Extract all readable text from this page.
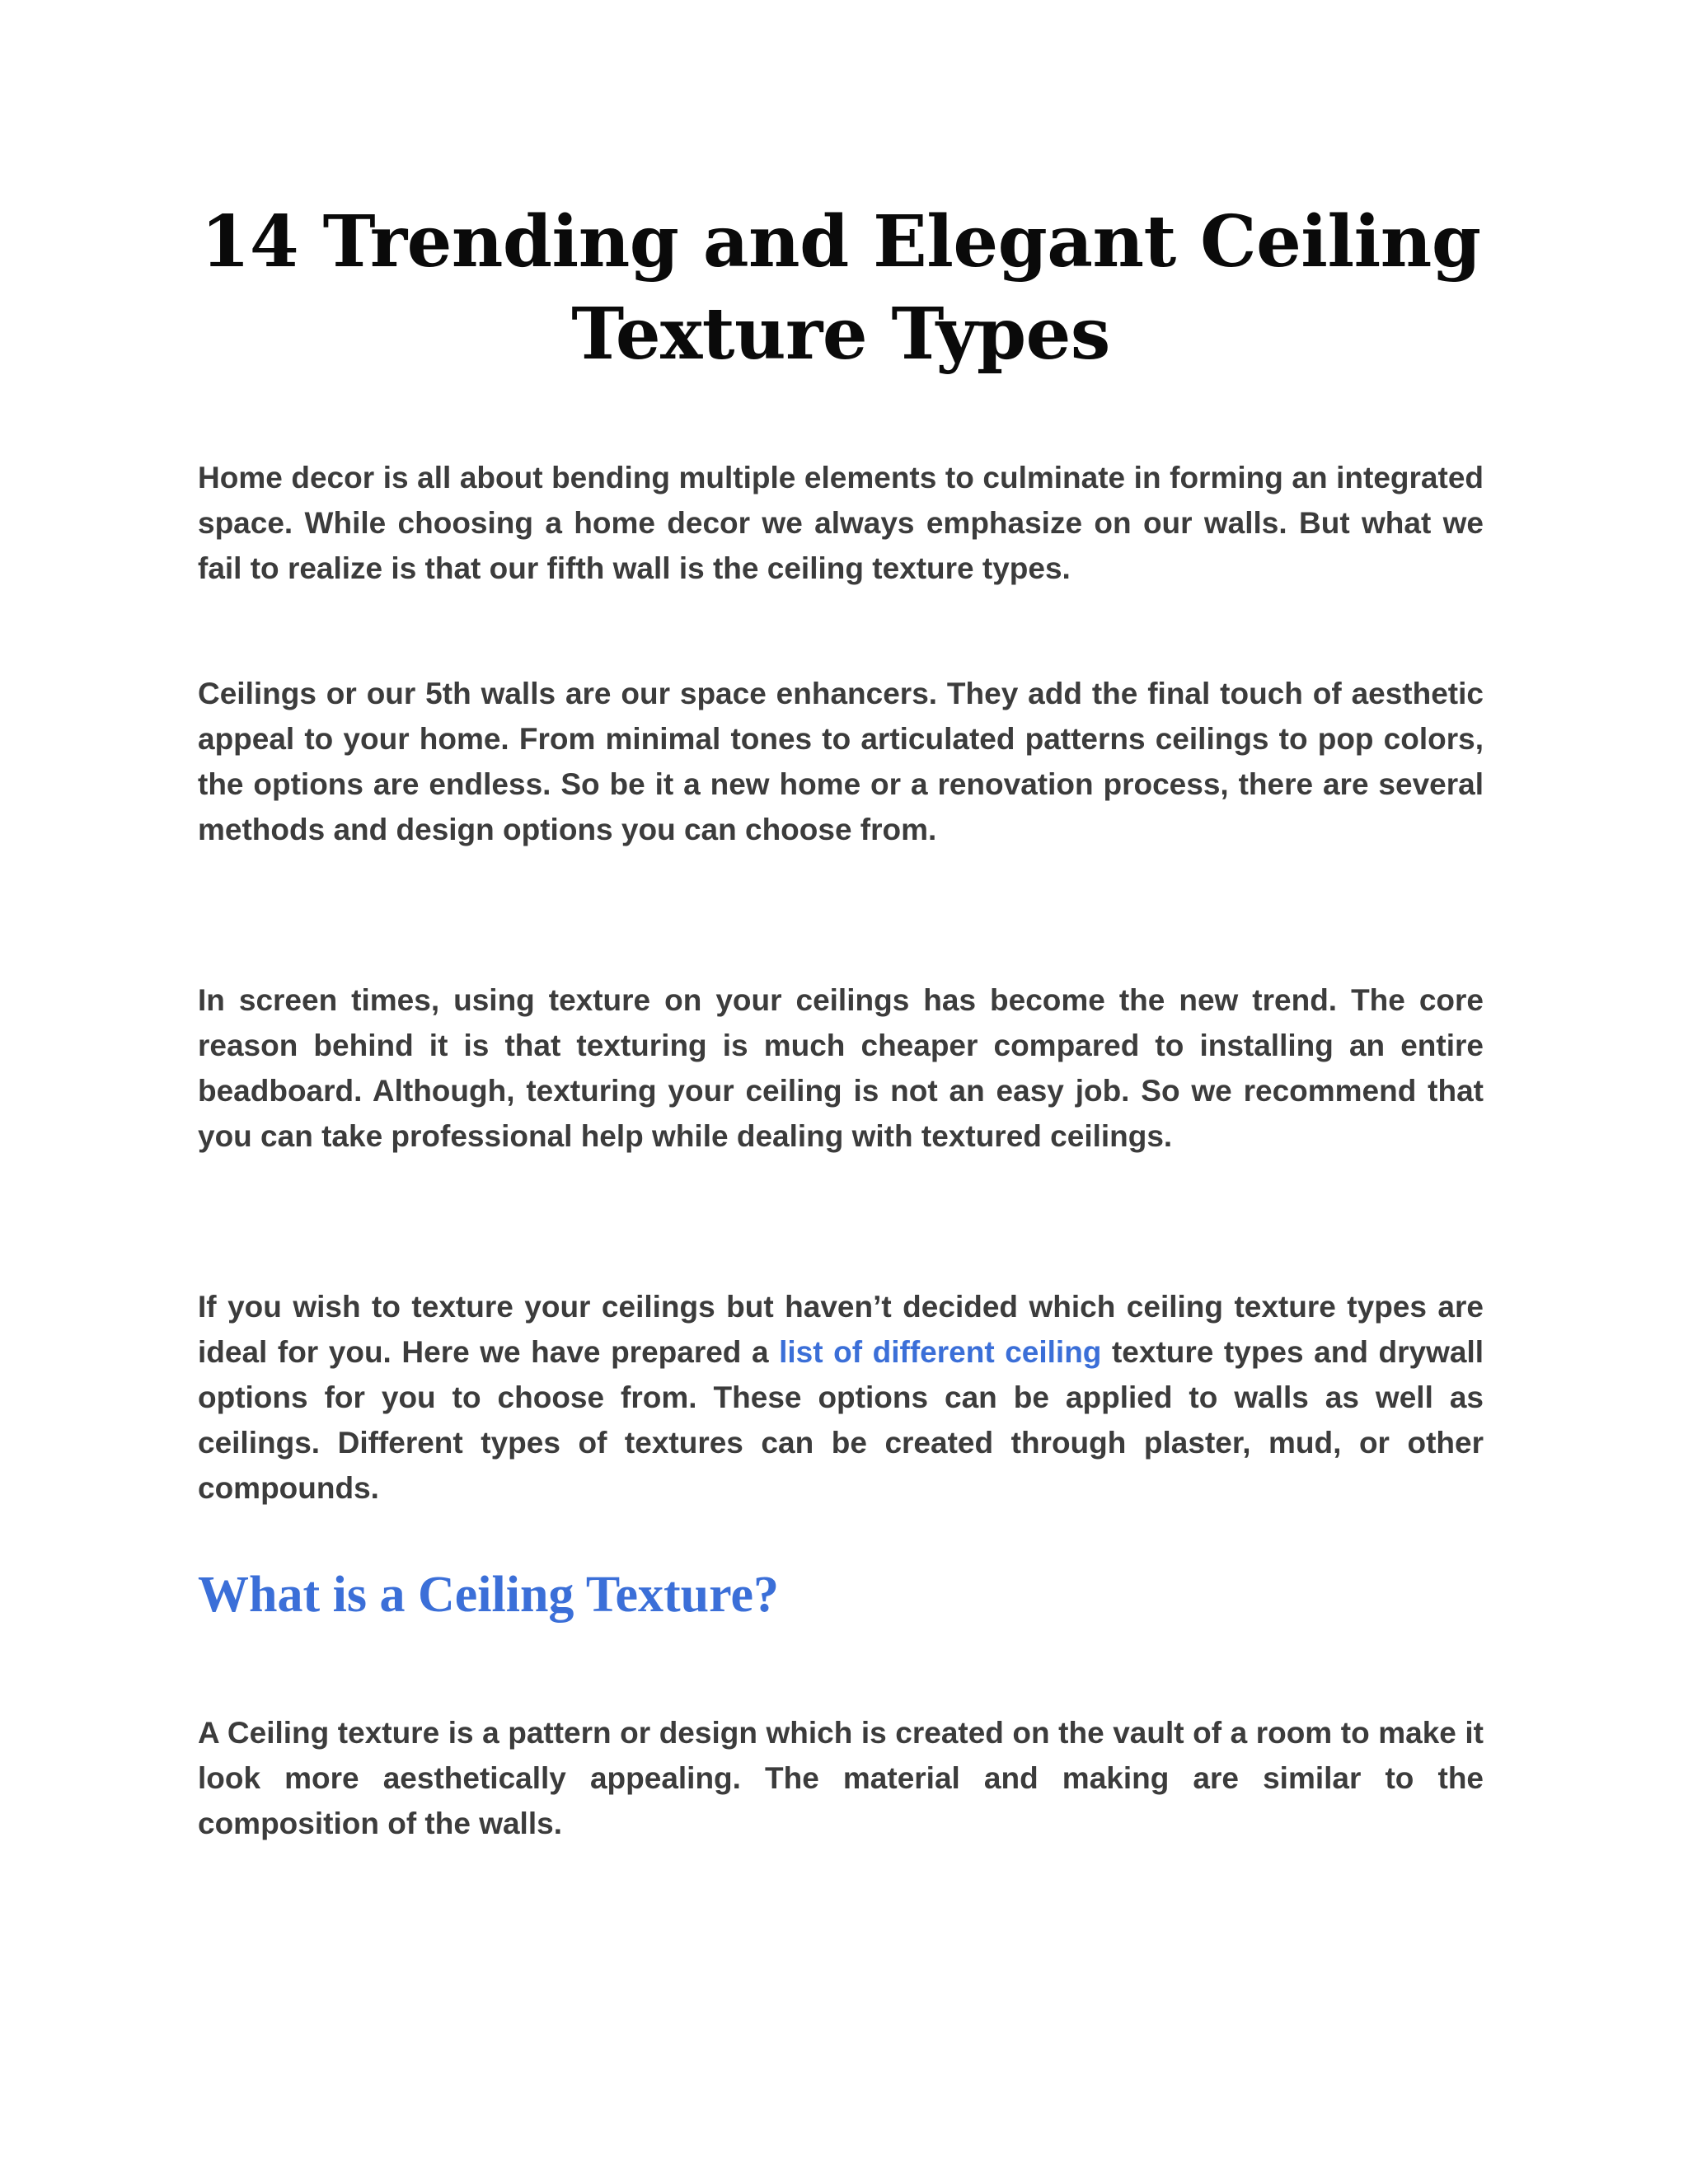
14 Trending and Elegant Ceiling Texture Types

Home decor is all about bending multiple elements to culminate in forming an integrated space. While choosing a home decor we always emphasize on our walls. But what we fail to realize is that our fifth wall is the ceiling texture types.

Ceilings or our 5th walls are our space enhancers. They add the final touch of aesthetic appeal to your home. From minimal tones to articulated patterns ceilings to pop colors, the options are endless. So be it a new home or a renovation process, there are several methods and design options you can choose from.

In screen times, using texture on your ceilings has become the new trend. The core reason behind it is that texturing is much cheaper compared to installing an entire beadboard. Although, texturing your ceiling is not an easy job. So we recommend that you can take professional help while dealing with textured ceilings.

If you wish to texture your ceilings but haven’t decided which ceiling texture types are ideal for you. Here we have prepared a list of different ceiling texture types and drywall options for you to choose from. These options can be applied to walls as well as ceilings. Different types of textures can be created through plaster, mud, or other compounds.

What is a Ceiling Texture?

A Ceiling texture is a pattern or design which is created on the vault of a room to make it look more aesthetically appealing. The material and making are similar to the composition of the walls.
